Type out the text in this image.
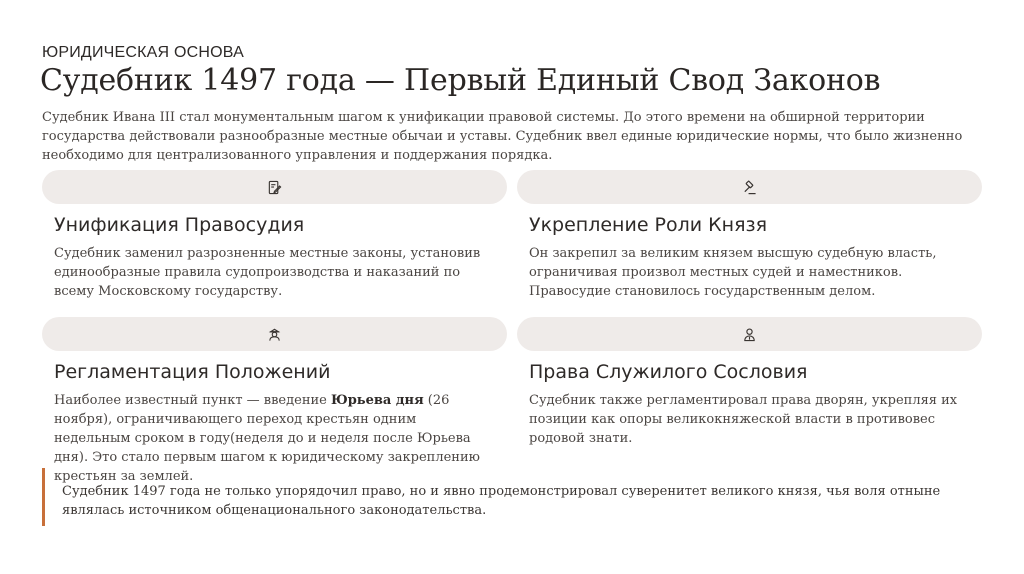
ЮРИДИЧЕСКАЯ ОСНОВА
Судебник 1497 года — Первый Единый Свод Законов

Судебник Ивана III стал монументальным шагом к унификации правовой системы. До этого времени на обширной территории государства действовали разнообразные местные обычаи и уставы. Судебник ввел единые юридические нормы, что было жизненно необходимо для централизованного управления и поддержания порядка.

Унификация Правосудия

Судебник заменил разрозненные местные законы, установив единообразные правила судопроизводства и наказаний по всему Московскому государству.

Укрепление Роли Князя

Он закрепил за великим князем высшую судебную власть, ограничивая произвол местных судей и наместников. Правосудие становилось государственным делом.

Регламентация Положений

Наиболее известный пункт — введение Юрьева дня (26 ноября), ограничивающего переход крестьян одним недельным сроком в году(неделя до и неделя после Юрьева дня). Это стало первым шагом к юридическому закреплению крестьян за землей.

Права Служилого Сословия

Судебник также регламентировал права дворян, укрепляя их позиции как опоры великокняжеской власти в противовес родовой знати.

Судебник 1497 года не только упорядочил право, но и явно продемонстрировал суверенитет великого князя, чья воля отныне являлась источником общенационального законодательства.
